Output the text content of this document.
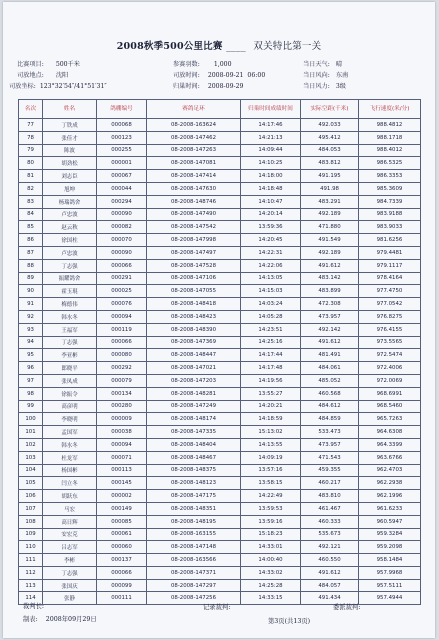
2008秋季500公里比赛 ____ 双关特比第一关
比赛项目: 500千米	参赛羽数: 1,000	当日天气: 晴
司放地点: 沈阳	司放时间: 2008-09-21  06:00	当日风向: 东南
司放坐标: 123°32′54″/41°51′31″	归巢时间: 2008-09-29	当日风力: 3级
名次	姓名	鸽棚编号	赛鸽足环	归巢时间成绩时间	实际空距(千米)	飞行速度(米/分)
77	丁铁成	000068	08-2008-163624	14:17:46	492.033	988.4812
78	张佳才	000123	08-2008-147462	14:21:13	495.412	988.1718
79	陈波	000255	08-2008-147263	14:09:44	484.053	988.4012
80	胡劲松	000001	08-2008-147081	14:10:25	483.812	986.5325
81	刘志臣	000067	08-2008-147414	14:18:00	491.195	986.3353
82	旭坤	000044	08-2008-147630	14:18:48	491.98	985.3609
83	杨瑞鸽舍	000294	08-2008-148746	14:10:47	483.291	984.7339
84	卢忠波	000090	08-2008-147490	14:20:14	492.189	983.9188
85	赵云秋	000082	08-2008-147542	13:59:36	471.880	983.9033
86	徐国柱	000070	08-2008-147998	14:20:45	491.549	981.6256
87	卢忠波	000090	08-2008-147497	14:22:31	492.189	979.4481
88	丁志强	000066	08-2008-147528	14:22:06	491.612	979.1117
89	振耀鸽舍	000291	08-2008-147106	14:13:05	483.142	978.4164
90	霍玉琨	000025	08-2008-147055	14:15:03	483.899	977.4750
91	梅德伟	000076	08-2008-148418	14:03:24	472.308	977.0542
92	韩水冬	000094	08-2008-148423	14:05:28	473.957	976.8275
93	王福军	000119	08-2008-148390	14:23:51	492.142	976.4155
94	丁志强	000066	08-2008-147369	14:25:16	491.612	973.5565
95	李亚彬	000080	08-2008-148447	14:17:44	481.491	972.5474
96	郎晓平	000292	08-2008-147021	14:17:48	484.061	972.4006
97	张凤成	000079	08-2008-147203	14:19:56	485.052	972.0069
98	徐振令	000134	08-2008-148281	13:55:27	460.568	968.6991
99	高彦明	000280	08-2008-147249	14:20:21	484.612	968.5460
100	李晓明	000009	08-2008-148174	14:18:59	484.859	965.7263
101	孟国军	000038	08-2008-147335	15:13:02	533.473	964.6308
102	韩水冬	000094	08-2008-148404	14:13:55	473.957	964.3399
103	杜龙军	000071	08-2008-148467	14:09:19	471.543	963.6766
104	杨国彬	000113	08-2008-148375	13:57:16	459.355	962.4703
105	闫立冬	000145	08-2008-148123	13:58:15	460.217	962.2938
106	胡跃东	000002	08-2008-147175	14:22:49	483.810	962.1996
107	马宏	000149	08-2008-148351	13:59:53	461.467	961.6233
108	高日辉	000085	08-2008-148195	13:59:16	460.333	960.5947
109	安宏克	000061	08-2008-163155	15:18:23	535.673	959.3284
110	吕志军	000060	08-2008-147148	14:33:01	492.121	959.2098
111	李彬	000137	08-2008-163566	14:00:40	460.550	958.1484
112	丁志强	000066	08-2008-147371	14:33:02	491.612	957.9968
113	张国庆	000099	08-2008-147297	14:25:28	484.057	957.5111
114	张静	000111	08-2008-147256	14:33:15	491.434	957.4944
裁判长:	记录裁判:	委派裁判:
制表: 2008年09月29日	第3页(共13页)
